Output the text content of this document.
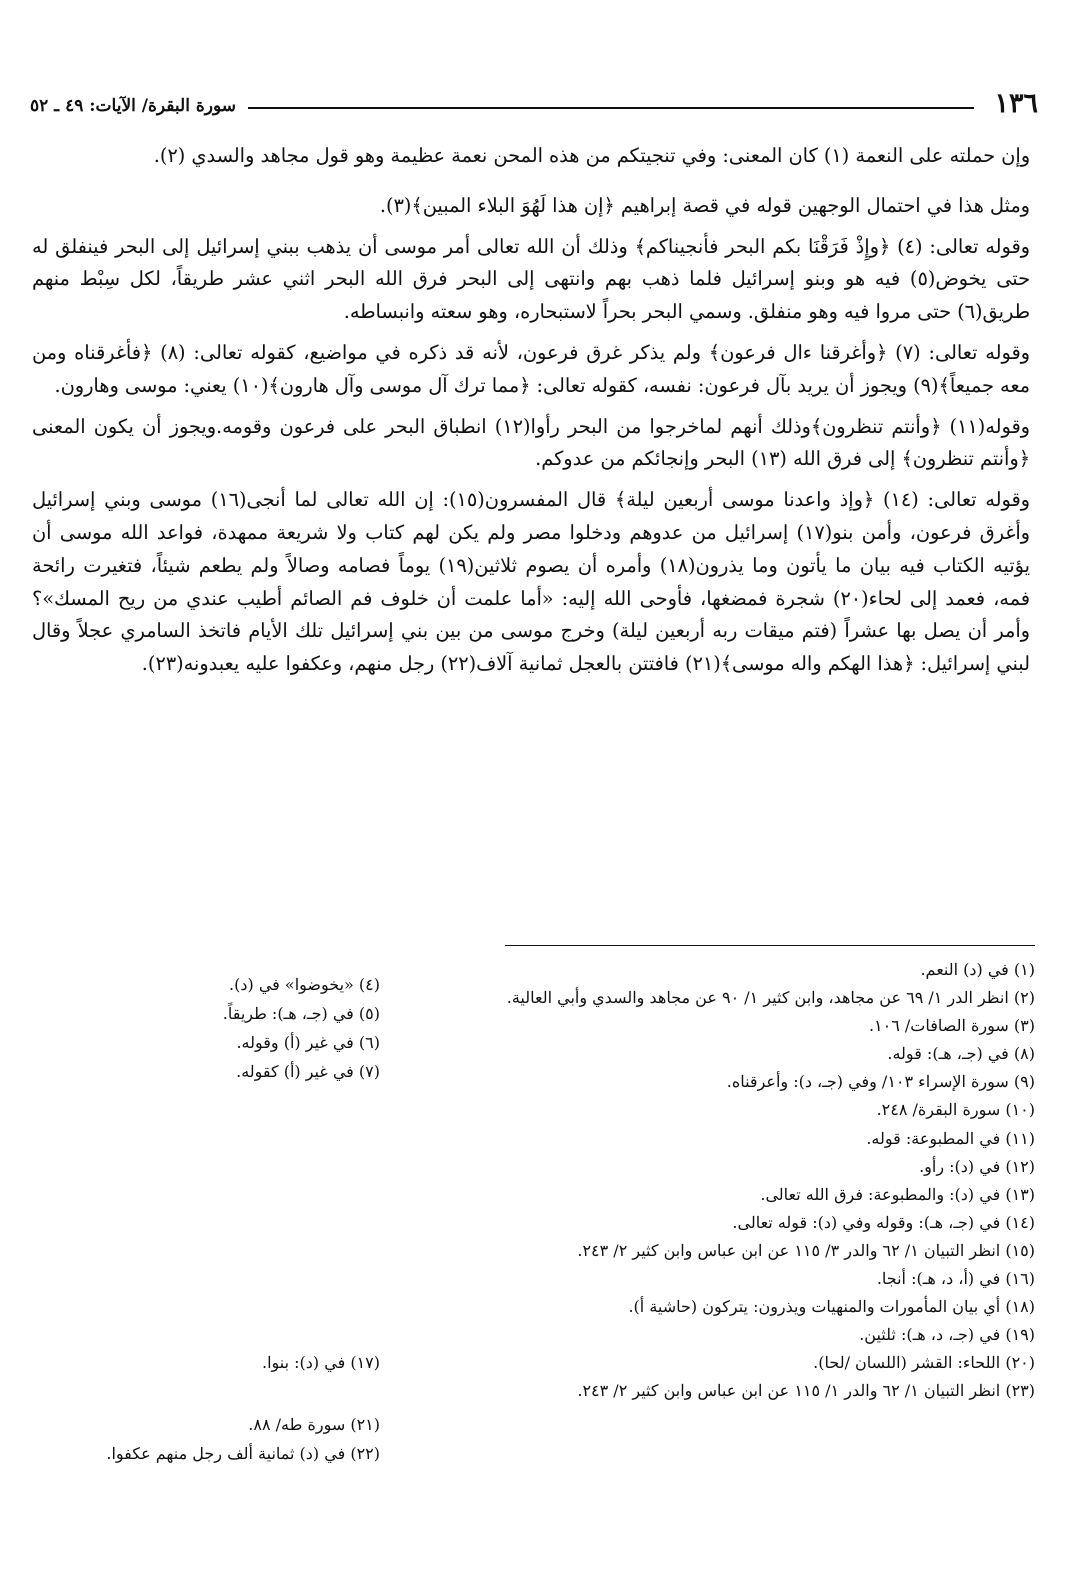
١٣٦
سورة البقرة/ الآيات: ٤٩ ـ ٥٢

وإن حملته على النعمة (١) كان المعنى: وفي تنجيتكم من هذه المحن نعمة عظيمة وهو قول مجاهد والسدي (٢).

ومثل هذا في احتمال الوجهين قوله في قصة إبراهيم ﴿إن هذا لَهُوَ البلاء المبين﴾(٣).

وقوله تعالى: (٤) ﴿وإِذْ فَرَقْنَا بكم البحر فأنجيناكم﴾ وذلك أن الله تعالى أمر موسى أن يذهب ببني إسرائيل إلى البحر فينفلق له حتى يخوض(٥) فيه هو وبنو إسرائيل فلما ذهب بهم وانتهى إلى البحر فرق الله البحر اثني عشر طريقاً، لكل سِبْط منهم طريق(٦) حتى مروا فيه وهو منفلق. وسمي البحر بحراً لاستبحاره، وهو سعته وانبساطه.

وقوله تعالى: (٧) ﴿وأغرقنا ءال فرعون﴾ ولم يذكر غرق فرعون، لأنه قد ذكره في مواضيع، كقوله تعالى: (٨) ﴿فأغرقناه ومن معه جميعاً﴾(٩) ويجوز أن يريد بآل فرعون: نفسه، كقوله تعالى: ﴿مما ترك آل موسى وآل هارون﴾(١٠) يعني: موسى وهارون.

وقوله(١١) ﴿وأنتم تنظرون﴾وذلك أنهم لماخرجوا من البحر رأوا(١٢) انطباق البحر على فرعون وقومه.ويجوز أن يكون المعنى ﴿وأنتم تنظرون﴾ إلى فرق الله (١٣) البحر وإنجائكم من عدوكم.

وقوله تعالى: (١٤) ﴿وإذ واعدنا موسى أربعين ليلة﴾ قال المفسرون(١٥): إن الله تعالى لما أنجى(١٦) موسى وبني إسرائيل وأغرق فرعون، وأمن بنو(١٧) إسرائيل من عدوهم ودخلوا مصر ولم يكن لهم كتاب ولا شريعة ممهدة، فواعد الله موسى أن يؤتيه الكتاب فيه بيان ما يأتون وما يذرون(١٨) وأمره أن يصوم ثلاثين(١٩) يوماً فصامه وصالاً ولم يطعم شيئاً، فتغيرت رائحة فمه، فعمد إلى لحاء(٢٠) شجرة فمضغها، فأوحى الله إليه: «أما علمت أن خلوف فم الصائم أطيب عندي من ريح المسك»؟ وأمر أن يصل بها عشراً (فتم ميقات ربه أربعين ليلة) وخرج موسى من بين بني إسرائيل تلك الأيام فاتخذ السامري عجلاً وقال لبني إسرائيل: ﴿هذا الهكم واله موسى﴾(٢١) فافتتن بالعجل ثمانية آلاف(٢٢) رجل منهم، وعكفوا عليه يعبدونه(٢٣).

(١) في (د) النعم.

(٢) انظر الدر ١/ ٦٩ عن مجاهد، وابن كثير ١/ ٩٠ عن مجاهد والسدي وأبي العالية.

(٣) سورة الصافات/ ١٠٦.

(٨) في (جـ، هـ): قوله.

(٩) سورة الإسراء ١٠٣/ وفي (جـ، د): وأعرقناه.

(١٠) سورة البقرة/ ٢٤٨.

(١١) في المطبوعة: قوله.

(١٢) في (د): رأو.

(١٣) في (د): والمطبوعة: فرق الله تعالى.

(١٤) في (جـ، هـ): وقوله وفي (د): قوله تعالى.

(١٥) انظر التبيان ١/ ٦٢ والدر ٣/ ١١٥ عن ابن عباس وابن كثير ٢/ ٢٤٣.

(١٦) في (أ، د، هـ): أنجا.

(١٨) أي بيان المأمورات والمنهيات ويذرون: يتركون (حاشية أ).

(١٩) في (جـ، د، هـ): ثلثين.

(٢٠) اللحاء: القشر (اللسان /لحا).

(٢٣) انظر التبيان ١/ ٦٢ والدر ١/ ١١٥ عن ابن عباس وابن كثير ٢/ ٢٤٣.

(٤) «يخوضوا» في (د).

(٥) في (جـ، هـ): طريقاً.

(٦) في غير (أ) وقوله.

(٧) في غير (أ) كقوله.

(١٧) في (د): بنوا.

(٢١) سورة طه/ ٨٨.

(٢٢) في (د) ثمانية ألف رجل منهم عكفوا.
